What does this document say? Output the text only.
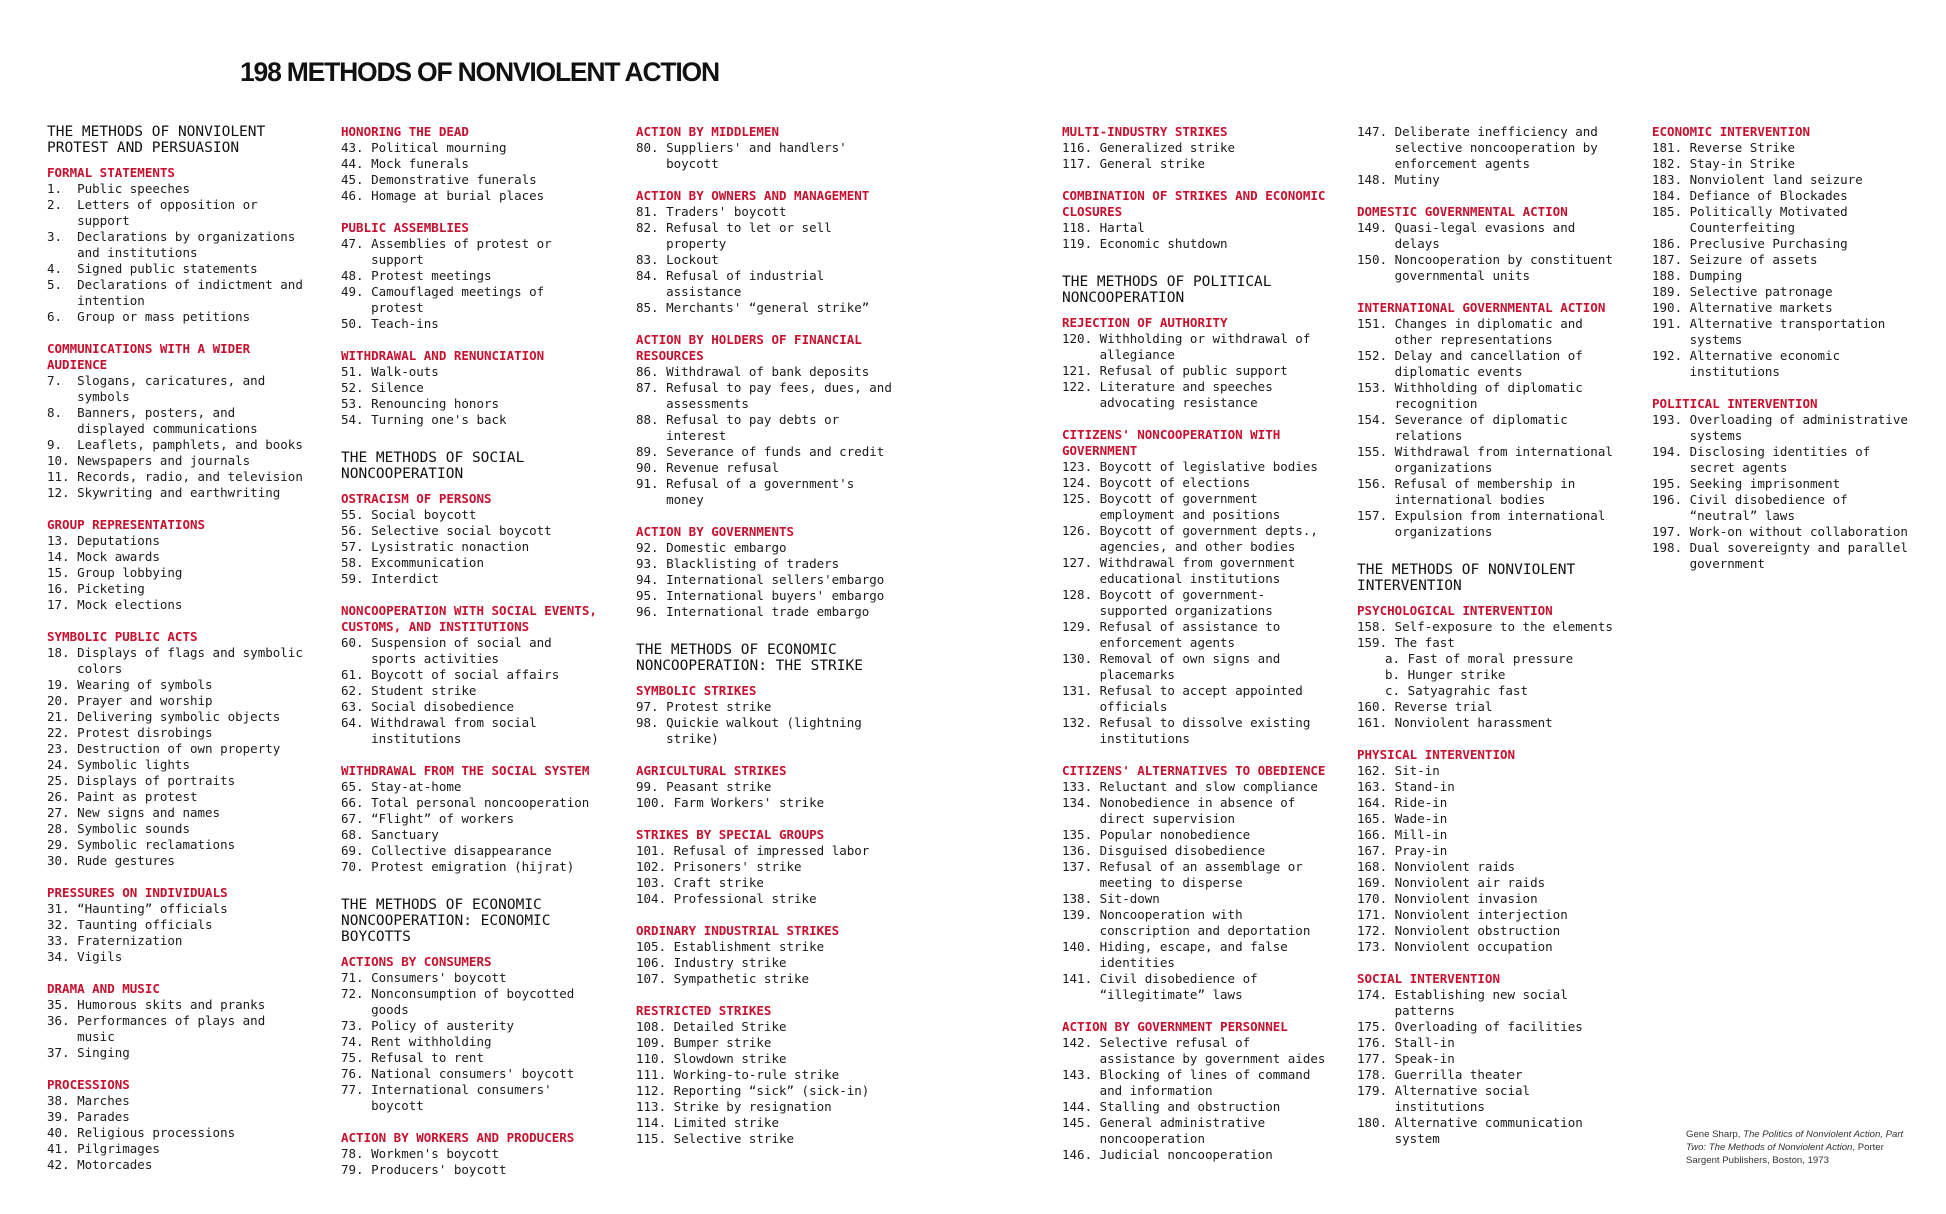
198 METHODS OF NONVIOLENT ACTION
THE METHODS OF NONVIOLENT PROTEST AND PERSUASION
FORMAL STATEMENTS
1.	Public speeches
2.	Letters of opposition or support
3.	Declarations by organizations and institutions
4.	Signed public statements
5.	Declarations of indictment and intention
6.	Group or mass petitions
COMMUNICATIONS WITH A WIDER AUDIENCE
7.	Slogans, caricatures, and symbols
8.	Banners, posters, and displayed communications
9.	Leaflets, pamphlets, and books
10. Newspapers and journals
11. Records, radio, and television
12. Skywriting and earthwriting
GROUP REPRESENTATIONS
13. Deputations
14. Mock awards
15. Group lobbying
16. Picketing
17. Mock elections
SYMBOLIC PUBLIC ACTS
18. Displays of flags and symbolic colors
19. Wearing of symbols
20. Prayer and worship
21. Delivering symbolic objects
22. Protest disrobings
23. Destruction of own property
24. Symbolic lights
25. Displays of portraits
26. Paint as protest
27. New signs and names
28. Symbolic sounds
29. Symbolic reclamations
30. Rude gestures
PRESSURES ON INDIVIDUALS
31. “Haunting” officials
32. Taunting officials
33. Fraternization
34. Vigils
DRAMA AND MUSIC
35. Humorous skits and pranks
36. Performances of plays and music
37. Singing
PROCESSIONS
38. Marches
39. Parades
40. Religious processions
41. Pilgrimages
42. Motorcades
HONORING THE DEAD
43. Political mourning
44. Mock funerals
45. Demonstrative funerals
46. Homage at burial places
PUBLIC ASSEMBLIES
47. Assemblies of protest or support
48. Protest meetings
49. Camouflaged meetings of protest
50. Teach-ins
WITHDRAWAL AND RENUNCIATION
51. Walk-outs
52. Silence
53. Renouncing honors
54. Turning one's back
THE METHODS OF SOCIAL NONCOOPERATION
OSTRACISM OF PERSONS
55. Social boycott
56. Selective social boycott
57. Lysistratic nonaction
58. Excommunication
59. Interdict
NONCOOPERATION WITH SOCIAL EVENTS, CUSTOMS, AND INSTITUTIONS
60. Suspension of social and sports activities
61. Boycott of social affairs
62. Student strike
63. Social disobedience
64. Withdrawal from social institutions
WITHDRAWAL FROM THE SOCIAL SYSTEM
65. Stay-at-home
66. Total personal noncooperation
67. “Flight” of workers
68. Sanctuary
69. Collective disappearance
70. Protest emigration (hijrat)
THE METHODS OF ECONOMIC NONCOOPERATION: ECONOMIC BOYCOTTS
ACTIONS BY CONSUMERS
71. Consumers' boycott
72. Nonconsumption of boycotted goods
73. Policy of austerity
74. Rent withholding
75. Refusal to rent
76. National consumers' boycott
77. International consumers' boycott
ACTION BY WORKERS AND PRODUCERS
78. Workmen's boycott
79. Producers' boycott
ACTION BY MIDDLEMEN
80. Suppliers' and handlers' boycott
ACTION BY OWNERS AND MANAGEMENT
81. Traders' boycott
82. Refusal to let or sell property
83. Lockout
84. Refusal of industrial assistance
85. Merchants' “general strike”
ACTION BY HOLDERS OF FINANCIAL RESOURCES
86. Withdrawal of bank deposits
87. Refusal to pay fees, dues, and assessments
88. Refusal to pay debts or interest
89. Severance of funds and credit
90. Revenue refusal
91. Refusal of a government's money
ACTION BY GOVERNMENTS
92. Domestic embargo
93. Blacklisting of traders
94. International sellers'embargo
95. International buyers' embargo
96. International trade embargo
THE METHODS OF ECONOMIC NONCOOPERATION: THE STRIKE
SYMBOLIC STRIKES
97. Protest strike
98. Quickie walkout (lightning strike)
AGRICULTURAL STRIKES
99. Peasant strike
100. Farm Workers' strike
STRIKES BY SPECIAL GROUPS
101. Refusal of impressed labor
102. Prisoners' strike
103. Craft strike
104. Professional strike
ORDINARY INDUSTRIAL STRIKES
105. Establishment strike
106. Industry strike
107. Sympathetic strike
RESTRICTED STRIKES
108. Detailed Strike
109. Bumper strike
110. Slowdown strike
111. Working-to-rule strike
112. Reporting “sick” (sick-in)
113. Strike by resignation
114. Limited strike
115. Selective strike
MULTI-INDUSTRY STRIKES
116. Generalized strike
117. General strike
COMBINATION OF STRIKES AND ECONOMIC CLOSURES
118. Hartal
119. Economic shutdown
THE METHODS OF POLITICAL NONCOOPERATION
REJECTION OF AUTHORITY
120. Withholding or withdrawal of allegiance
121. Refusal of public support
122. Literature and speeches advocating resistance
CITIZENS' NONCOOPERATION WITH GOVERNMENT
123. Boycott of legislative bodies
124. Boycott of elections
125. Boycott of government employment and positions
126. Boycott of government depts., agencies, and other bodies
127. Withdrawal from government educational institutions
128. Boycott of government-supported organizations
129. Refusal of assistance to enforcement agents
130. Removal of own signs and placemarks
131. Refusal to accept appointed officials
132. Refusal to dissolve existing institutions
CITIZENS' ALTERNATIVES TO OBEDIENCE
133. Reluctant and slow compliance
134. Nonobedience in absence of direct supervision
135. Popular nonobedience
136. Disguised disobedience
137. Refusal of an assemblage or meeting to disperse
138. Sit-down
139. Noncooperation with conscription and deportation
140. Hiding, escape, and false identities
141. Civil disobedience of “illegitimate” laws
ACTION BY GOVERNMENT PERSONNEL
142. Selective refusal of assistance by government aides
143. Blocking of lines of command and information
144. Stalling and obstruction
145. General administrative noncooperation
146. Judicial noncooperation
147. Deliberate inefficiency and selective noncooperation by enforcement agents
148. Mutiny
DOMESTIC GOVERNMENTAL ACTION
149. Quasi-legal evasions and delays
150. Noncooperation by constituent governmental units
INTERNATIONAL GOVERNMENTAL ACTION
151. Changes in diplomatic and other representations
152. Delay and cancellation of diplomatic events
153. Withholding of diplomatic recognition
154. Severance of diplomatic relations
155. Withdrawal from international organizations
156. Refusal of membership in international bodies
157. Expulsion from international organizations
THE METHODS OF NONVIOLENT INTERVENTION
PSYCHOLOGICAL INTERVENTION
158. Self-exposure to the elements
159. The fast
a. Fast of moral pressure
b. Hunger strike
c. Satyagrahic fast
160. Reverse trial
161. Nonviolent harassment
PHYSICAL INTERVENTION
162. Sit-in
163. Stand-in
164. Ride-in
165. Wade-in
166. Mill-in
167. Pray-in
168. Nonviolent raids
169. Nonviolent air raids
170. Nonviolent invasion
171. Nonviolent interjection
172. Nonviolent obstruction
173. Nonviolent occupation
SOCIAL INTERVENTION
174. Establishing new social patterns
175. Overloading of facilities
176. Stall-in
177. Speak-in
178. Guerrilla theater
179. Alternative social institutions
180. Alternative communication system
ECONOMIC INTERVENTION
181. Reverse Strike
182. Stay-in Strike
183. Nonviolent land seizure
184. Defiance of Blockades
185. Politically Motivated Counterfeiting
186. Preclusive Purchasing
187. Seizure of assets
188. Dumping
189. Selective patronage
190. Alternative markets
191. Alternative transportation systems
192. Alternative economic institutions
POLITICAL INTERVENTION
193. Overloading of administrative systems
194. Disclosing identities of secret agents
195. Seeking imprisonment
196. Civil disobedience of “neutral” laws
197. Work-on without collaboration
198. Dual sovereignty and parallel government
Gene Sharp, The Politics of Nonviolent Action, Part Two: The Methods of Nonviolent Action, Porter Sargent Publishers, Boston, 1973
